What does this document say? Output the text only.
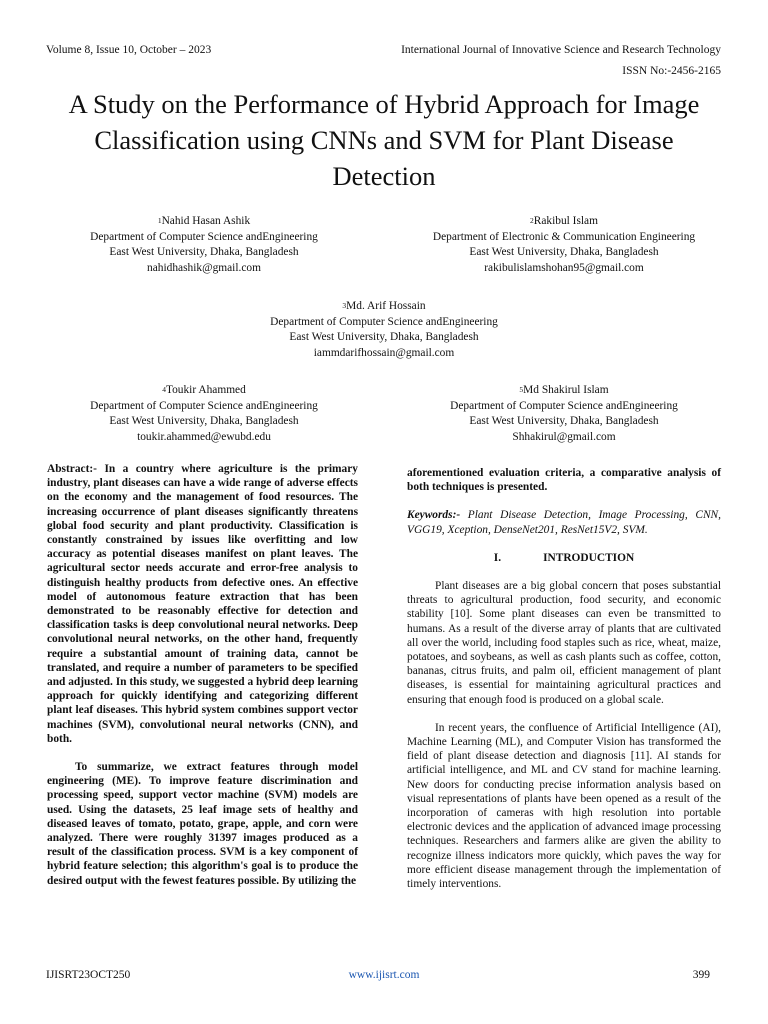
Volume 8, Issue 10, October – 2023	International Journal of Innovative Science and Research Technology
ISSN No:-2456-2165
A Study on the Performance of Hybrid Approach for Image Classification using CNNs and SVM for Plant Disease Detection
$^1$Nahid Hasan Ashik
Department of Computer Science andEngineering
East West University, Dhaka, Bangladesh
nahidhashik@gmail.com
$^2$Rakibul Islam
Department of Electronic & Communication Engineering
East West University, Dhaka, Bangladesh
rakibulislamshohan95@gmail.com
$^3$Md. Arif Hossain
Department of Computer Science andEngineering
East West University, Dhaka, Bangladesh
iammdarifhossain@gmail.com
$^4$Toukir Ahammed
Department of Computer Science andEngineering
East West University, Dhaka, Bangladesh
toukir.ahammed@ewubd.edu
$^5$Md Shakirul Islam
Department of Computer Science andEngineering
East West University, Dhaka, Bangladesh
Shhakirul@gmail.com

Abstract:- In a country where agriculture is the primary industry, plant diseases can have a wide range of adverse effects on the economy and the management of food resources. The increasing occurrence of plant diseases significantly threatens global food security and plant productivity. Classification is constantly constrained by issues like overfitting and low accuracy as potential diseases manifest on plant leaves. The agricultural sector needs accurate and error-free analysis to distinguish healthy products from defective ones. An effective model of autonomous feature extraction that has been demonstrated to be reasonably effective for detection and classification tasks is deep convolutional neural networks. Deep convolutional neural networks, on the other hand, frequently require a substantial amount of training data, cannot be translated, and require a number of parameters to be specified and adjusted. In this study, we suggested a hybrid deep learning approach for quickly identifying and categorizing different plant leaf diseases. This hybrid system combines support vector machines (SVM), convolutional neural networks (CNN), and both.

To summarize, we extract features through model engineering (ME). To improve feature discrimination and processing speed, support vector machine (SVM) models are used. Using the datasets, 25 leaf image sets of healthy and diseased leaves of tomato, potato, grape, apple, and corn were analyzed. There were roughly 31397 images produced as a result of the classification process. SVM is a key component of hybrid feature selection; this algorithm's goal is to produce the desired output with the fewest features possible. By utilizing the

aforementioned evaluation criteria, a comparative analysis of both techniques is presented.

Keywords:- Plant Disease Detection, Image Processing, CNN, VGG19, Xception, DenseNet201, ResNet15V2, SVM.

I.	INTRODUCTION

Plant diseases are a big global concern that poses substantial threats to agricultural production, food security, and economic stability [10]. Some plant diseases can even be transmitted to humans. As a result of the diverse array of plants that are cultivated all over the world, including food staples such as rice, wheat, maize, potatoes, and soybeans, as well as cash plants such as coffee, cotton, bananas, citrus fruits, and palm oil, efficient management of plant diseases, is essential for maintaining agricultural practices and ensuring that enough food is produced on a global scale.

In recent years, the confluence of Artificial Intelligence (AI), Machine Learning (ML), and Computer Vision has transformed the field of plant disease detection and diagnosis [11]. AI stands for artificial intelligence, and ML and CV stand for machine learning. New doors for conducting precise information analysis based on visual representations of plants have been opened as a result of the incorporation of cameras with high resolution into portable electronic devices and the application of advanced image processing techniques. Researchers and farmers alike are given the ability to recognize illness indicators more quickly, which paves the way for more efficient disease management through the implementation of timely interventions.

IJISRT23OCT250	www.ijisrt.com	399
